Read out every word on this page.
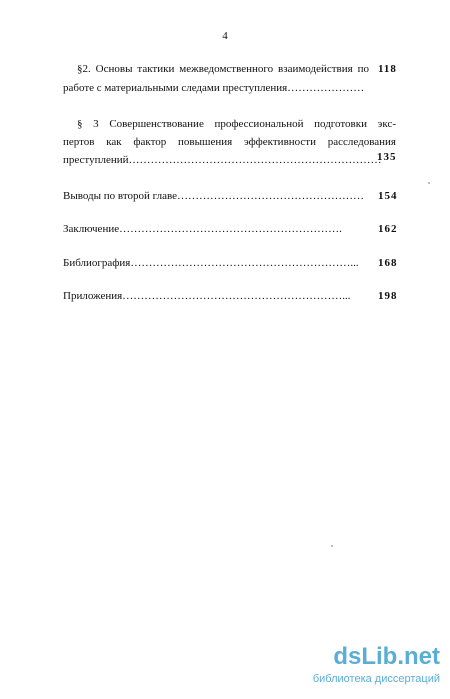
4
§2. Основы тактики межведомственного взаимодействия по
работе с материальными следами преступления…………………
118
§ 3 Совершенствование профессиональной подготовки экс-
пертов как фактор повышения эффективности расследования
преступлений……………………………………………………………
135
Выводы по второй главе…………………………………………… 154
Заключение…………………………………………………….	162
Библиография……………………………………………………... 168
Приложения……………………………………………………...	198
dsLib.net
библиотека диссертаций
